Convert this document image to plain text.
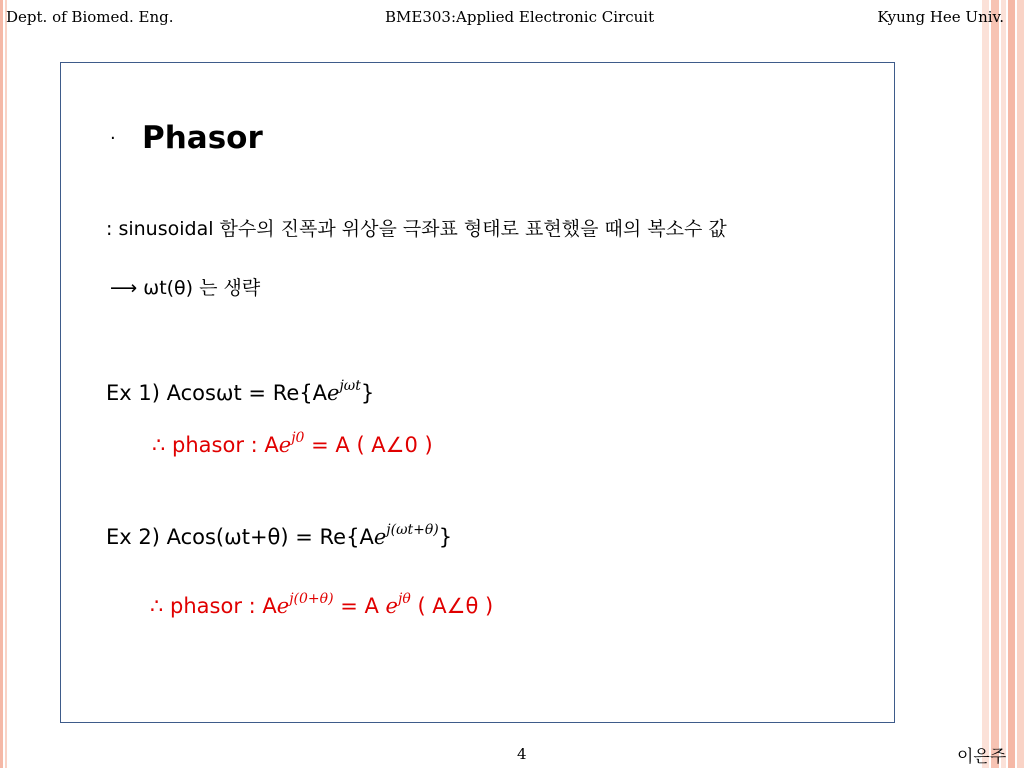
Dept. of Biomed. Eng.	BME303:Applied Electronic Circuit	Kyung Hee Univ.
· Phasor
: sinusoidal 함수의 진폭과 위상을 극좌표 형태로 표현했을 때의 복소수 값
⟶ ωt(θ) 는 생략
Ex 1) $Acos\omega t = Re\{Ae^{j\omega t}\}$
∴ phasor : $Ae^{j0} = A$ ( A∠0 )
Ex 2) $Acos(\omega t+\theta) = Re\{Ae^{j(\omega t+\theta)}\}$
∴ phasor : $Ae^{j(0+\theta)} = A$ $e^{j\theta}$ ( A∠θ )
4	이은주
